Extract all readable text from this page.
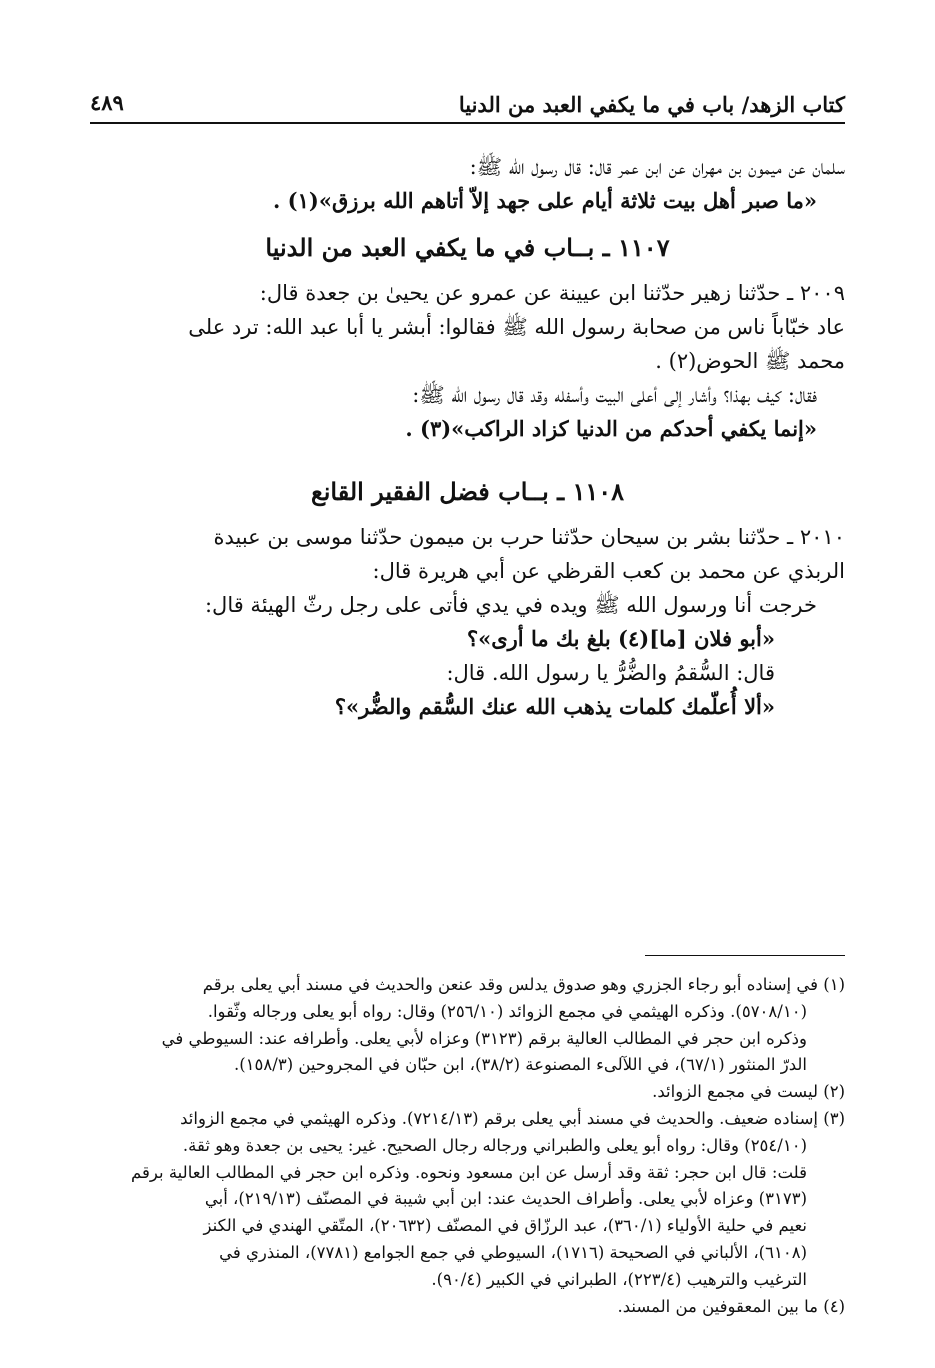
كتاب الزهد/ باب في ما يكفي العبد من الدنيا
٤٨٩
سلمان عن ميمون بن مهران عن ابن عمر قال: قال رسول الله ﷺ:
«ما صبر أهل بيت ثلاثة أيام على جهد إلاّ أتاهم الله برزق»(١) .
١١٠٧ ـ بــاب في ما يكفي العبد من الدنيا
٢٠٠٩ ـ حدّثنا زهير حدّثنا ابن عيينة عن عمرو عن يحيىٰ بن جعدة قال:
عاد خبّاباً ناس من صحابة رسول الله ﷺ فقالوا: أبشر يا أبا عبد الله: ترد على
محمد ﷺ الحوض(٢) .
فقال: كيف بهذا؟ وأشار إلى أعلى البيت وأسفله وقد قال رسول الله ﷺ:
«إنما يكفي أحدكم من الدنيا كزاد الراكب»(٣) .
١١٠٨ ـ بــاب فضل الفقير القانع
٢٠١٠ ـ حدّثنا بشر بن سيحان حدّثنا حرب بن ميمون حدّثنا موسى بن عبيدة
الربذي عن محمد بن كعب القرظي عن أبي هريرة قال:
خرجت أنا ورسول الله ﷺ ويده في يدي فأتى على رجل رثّ الهيئة قال:
«أبو فلان [ما](٤) بلغ بك ما أرى»؟
قال: السُّقمُ والضُّرُّ يا رسول الله. قال:
«ألا أُعلّمك كلمات يذهب الله عنك السُّقم والضُّر»؟
(١) في إسناده أبو رجاء الجزري وهو صدوق يدلس وقد عنعن والحديث في مسند أبي يعلى برقم
(٥٧٠٨/١٠). وذكره الهيثمي في مجمع الزوائد (٢٥٦/١٠) وقال: رواه أبو يعلى ورجاله وثّقوا.
وذكره ابن حجر في المطالب العالية برقم (٣١٢٣) وعزاه لأبي يعلى. وأطرافه عند: السيوطي في
الدرّ المنثور (٦٧/١)، في اللآلىء المصنوعة (٣٨/٢)، ابن حبّان في المجروحين (١٥٨/٣).
(٢) ليست في مجمع الزوائد.
(٣) إسناده ضعيف. والحديث في مسند أبي يعلى برقم (٧٢١٤/١٣). وذكره الهيثمي في مجمع الزوائد
(٢٥٤/١٠) وقال: رواه أبو يعلى والطبراني ورجاله رجال الصحيح. غير: يحيى بن جعدة وهو ثقة.
قلت: قال ابن حجر: ثقة وقد أرسل عن ابن مسعود ونحوه. وذكره ابن حجر في المطالب العالية برقم
(٣١٧٣) وعزاه لأبي يعلى. وأطراف الحديث عند: ابن أبي شيبة في المصنّف (٢١٩/١٣)، أبي
نعيم في حلية الأولياء (٣٦٠/١)، عبد الرزّاق في المصنّف (٢٠٦٣٢)، المتّقي الهندي في الكنز
(٦١٠٨)، الألباني في الصحيحة (١٧١٦)، السيوطي في جمع الجوامع (٧٧٨١)، المنذري في
الترغيب والترهيب (٢٢٣/٤)، الطبراني في الكبير (٩٠/٤).
(٤) ما بين المعقوفين من المسند.
